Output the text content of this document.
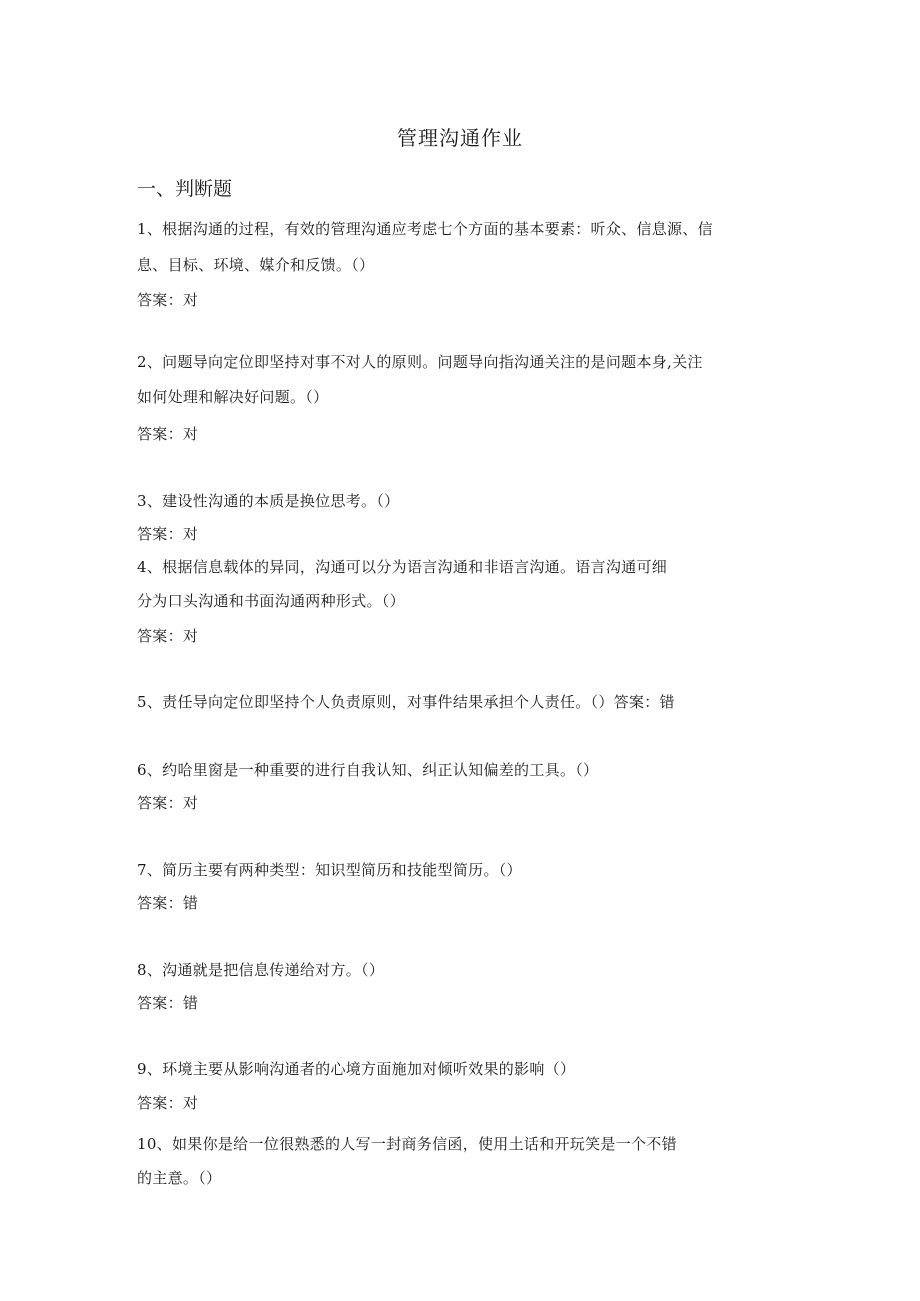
管理沟通作业
一、判断题
1、根据沟通的过程，有效的管理沟通应考虑七个方面的基本要素：听众、信息源、信
息、目标、环境、媒介和反馈。（）
答案：对
2、问题导向定位即坚持对事不对人的原则。问题导向指沟通关注的是问题本身,关注
如何处理和解决好问题。（）
答案：对
3、建设性沟通的本质是换位思考。（）
答案：对
4、根据信息载体的异同，沟通可以分为语言沟通和非语言沟通。语言沟通可细
分为口头沟通和书面沟通两种形式。（）
答案：对
5、责任导向定位即坚持个人负责原则，对事件结果承担个人责任。（）答案：错
6、约哈里窗是一种重要的进行自我认知、纠正认知偏差的工具。（）
答案：对
7、简历主要有两种类型：知识型简历和技能型简历。（）
答案：错
8、沟通就是把信息传递给对方。（）
答案：错
9、环境主要从影响沟通者的心境方面施加对倾听效果的影响（）
答案：对
10、如果你是给一位很熟悉的人写一封商务信函，使用土话和开玩笑是一个不错
的主意。（）
